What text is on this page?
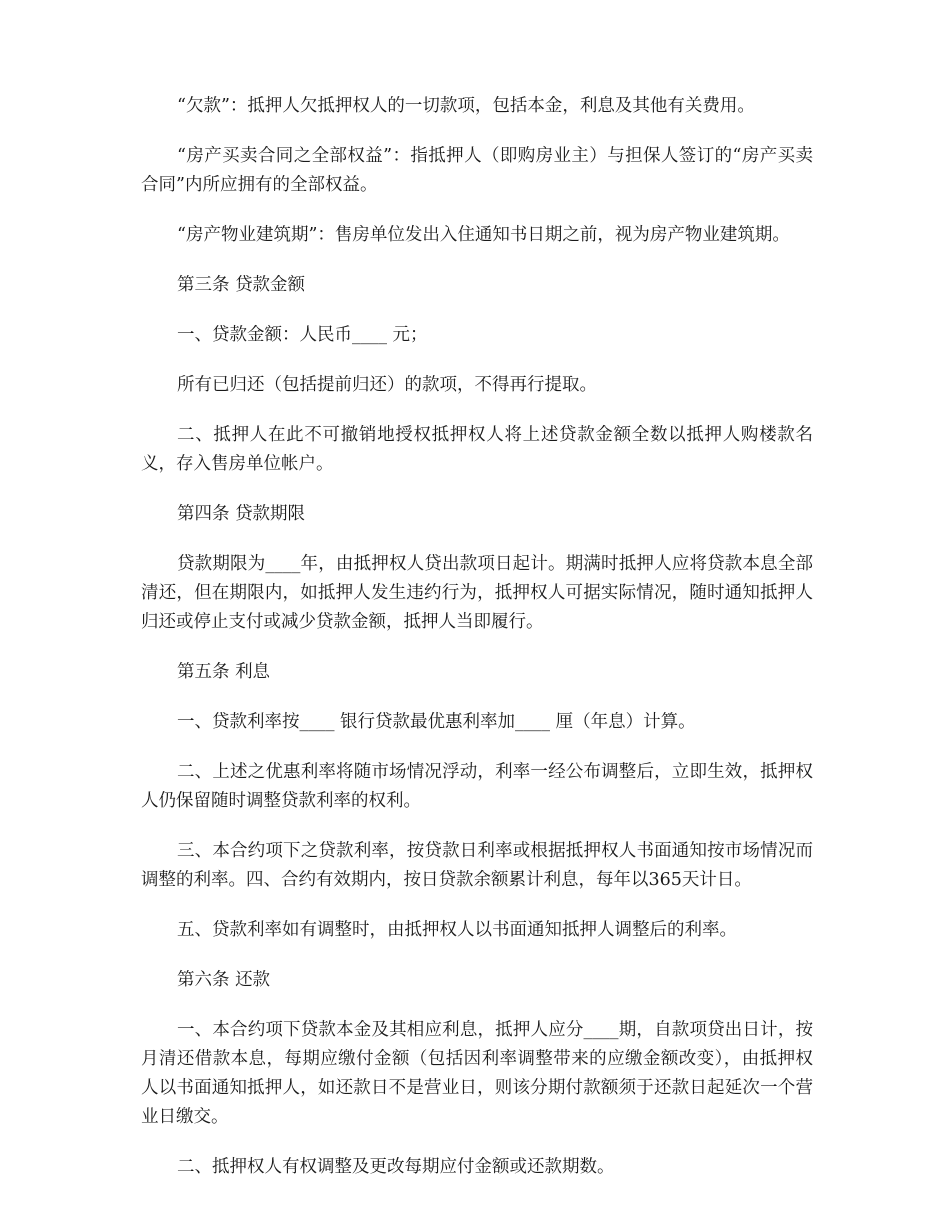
“欠款”：抵押人欠抵押权人的一切款项，包括本金，利息及其他有关费用。

“房产买卖合同之全部权益”：指抵押人（即购房业主）与担保人签订的“房产买卖合同”内所应拥有的全部权益。

“房产物业建筑期”：售房单位发出入住通知书日期之前，视为房产物业建筑期。

第三条 贷款金额

一、贷款金额：人民币____ 元；

所有已归还（包括提前归还）的款项，不得再行提取。

二、抵押人在此不可撤销地授权抵押权人将上述贷款金额全数以抵押人购楼款名义，存入售房单位帐户。

第四条 贷款期限

贷款期限为____年，由抵押权人贷出款项日起计。期满时抵押人应将贷款本息全部清还，但在期限内，如抵押人发生违约行为，抵押权人可据实际情况，随时通知抵押人归还或停止支付或减少贷款金额，抵押人当即履行。

第五条 利息

一、贷款利率按____ 银行贷款最优惠利率加____ 厘（年息）计算。

二、上述之优惠利率将随市场情况浮动，利率一经公布调整后，立即生效，抵押权人仍保留随时调整贷款利率的权利。

三、本合约项下之贷款利率，按贷款日利率或根据抵押权人书面通知按市场情况而调整的利率。四、合约有效期内，按日贷款余额累计利息，每年以365天计日。

五、贷款利率如有调整时，由抵押权人以书面通知抵押人调整后的利率。

第六条 还款

一、本合约项下贷款本金及其相应利息，抵押人应分____期，自款项贷出日计，按月清还借款本息，每期应缴付金额（包括因利率调整带来的应缴金额改变），由抵押权人以书面通知抵押人，如还款日不是营业日，则该分期付款额须于还款日起延次一个营业日缴交。

二、抵押权人有权调整及更改每期应付金额或还款期数。
